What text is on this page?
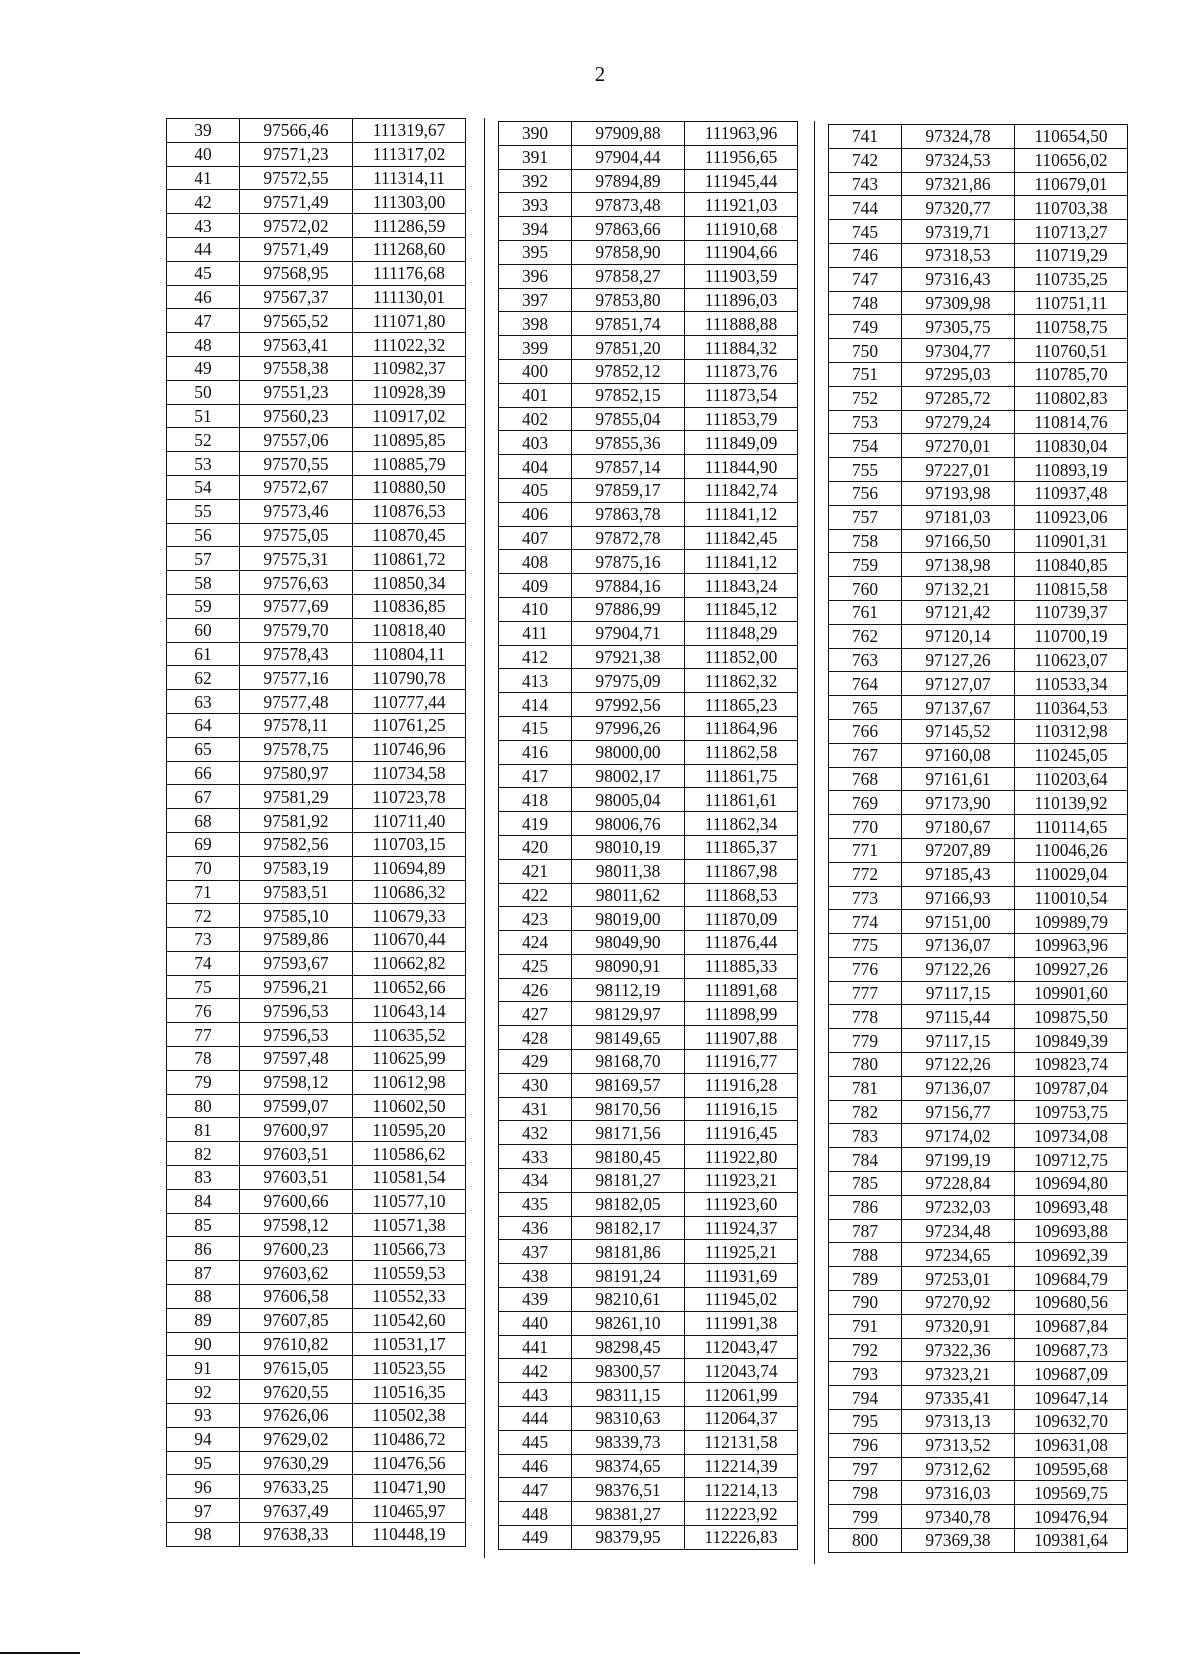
2
39	97566,46	111319,67
40	97571,23	111317,02
41	97572,55	111314,11
42	97571,49	111303,00
43	97572,02	111286,59
44	97571,49	111268,60
45	97568,95	111176,68
46	97567,37	111130,01
47	97565,52	111071,80
48	97563,41	111022,32
49	97558,38	110982,37
50	97551,23	110928,39
51	97560,23	110917,02
52	97557,06	110895,85
53	97570,55	110885,79
54	97572,67	110880,50
55	97573,46	110876,53
56	97575,05	110870,45
57	97575,31	110861,72
58	97576,63	110850,34
59	97577,69	110836,85
60	97579,70	110818,40
61	97578,43	110804,11
62	97577,16	110790,78
63	97577,48	110777,44
64	97578,11	110761,25
65	97578,75	110746,96
66	97580,97	110734,58
67	97581,29	110723,78
68	97581,92	110711,40
69	97582,56	110703,15
70	97583,19	110694,89
71	97583,51	110686,32
72	97585,10	110679,33
73	97589,86	110670,44
74	97593,67	110662,82
75	97596,21	110652,66
76	97596,53	110643,14
77	97596,53	110635,52
78	97597,48	110625,99
79	97598,12	110612,98
80	97599,07	110602,50
81	97600,97	110595,20
82	97603,51	110586,62
83	97603,51	110581,54
84	97600,66	110577,10
85	97598,12	110571,38
86	97600,23	110566,73
87	97603,62	110559,53
88	97606,58	110552,33
89	97607,85	110542,60
90	97610,82	110531,17
91	97615,05	110523,55
92	97620,55	110516,35
93	97626,06	110502,38
94	97629,02	110486,72
95	97630,29	110476,56
96	97633,25	110471,90
97	97637,49	110465,97
98	97638,33	110448,19
390	97909,88	111963,96
391	97904,44	111956,65
392	97894,89	111945,44
393	97873,48	111921,03
394	97863,66	111910,68
395	97858,90	111904,66
396	97858,27	111903,59
397	97853,80	111896,03
398	97851,74	111888,88
399	97851,20	111884,32
400	97852,12	111873,76
401	97852,15	111873,54
402	97855,04	111853,79
403	97855,36	111849,09
404	97857,14	111844,90
405	97859,17	111842,74
406	97863,78	111841,12
407	97872,78	111842,45
408	97875,16	111841,12
409	97884,16	111843,24
410	97886,99	111845,12
411	97904,71	111848,29
412	97921,38	111852,00
413	97975,09	111862,32
414	97992,56	111865,23
415	97996,26	111864,96
416	98000,00	111862,58
417	98002,17	111861,75
418	98005,04	111861,61
419	98006,76	111862,34
420	98010,19	111865,37
421	98011,38	111867,98
422	98011,62	111868,53
423	98019,00	111870,09
424	98049,90	111876,44
425	98090,91	111885,33
426	98112,19	111891,68
427	98129,97	111898,99
428	98149,65	111907,88
429	98168,70	111916,77
430	98169,57	111916,28
431	98170,56	111916,15
432	98171,56	111916,45
433	98180,45	111922,80
434	98181,27	111923,21
435	98182,05	111923,60
436	98182,17	111924,37
437	98181,86	111925,21
438	98191,24	111931,69
439	98210,61	111945,02
440	98261,10	111991,38
441	98298,45	112043,47
442	98300,57	112043,74
443	98311,15	112061,99
444	98310,63	112064,37
445	98339,73	112131,58
446	98374,65	112214,39
447	98376,51	112214,13
448	98381,27	112223,92
449	98379,95	112226,83
741	97324,78	110654,50
742	97324,53	110656,02
743	97321,86	110679,01
744	97320,77	110703,38
745	97319,71	110713,27
746	97318,53	110719,29
747	97316,43	110735,25
748	97309,98	110751,11
749	97305,75	110758,75
750	97304,77	110760,51
751	97295,03	110785,70
752	97285,72	110802,83
753	97279,24	110814,76
754	97270,01	110830,04
755	97227,01	110893,19
756	97193,98	110937,48
757	97181,03	110923,06
758	97166,50	110901,31
759	97138,98	110840,85
760	97132,21	110815,58
761	97121,42	110739,37
762	97120,14	110700,19
763	97127,26	110623,07
764	97127,07	110533,34
765	97137,67	110364,53
766	97145,52	110312,98
767	97160,08	110245,05
768	97161,61	110203,64
769	97173,90	110139,92
770	97180,67	110114,65
771	97207,89	110046,26
772	97185,43	110029,04
773	97166,93	110010,54
774	97151,00	109989,79
775	97136,07	109963,96
776	97122,26	109927,26
777	97117,15	109901,60
778	97115,44	109875,50
779	97117,15	109849,39
780	97122,26	109823,74
781	97136,07	109787,04
782	97156,77	109753,75
783	97174,02	109734,08
784	97199,19	109712,75
785	97228,84	109694,80
786	97232,03	109693,48
787	97234,48	109693,88
788	97234,65	109692,39
789	97253,01	109684,79
790	97270,92	109680,56
791	97320,91	109687,84
792	97322,36	109687,73
793	97323,21	109687,09
794	97335,41	109647,14
795	97313,13	109632,70
796	97313,52	109631,08
797	97312,62	109595,68
798	97316,03	109569,75
799	97340,78	109476,94
800	97369,38	109381,64
